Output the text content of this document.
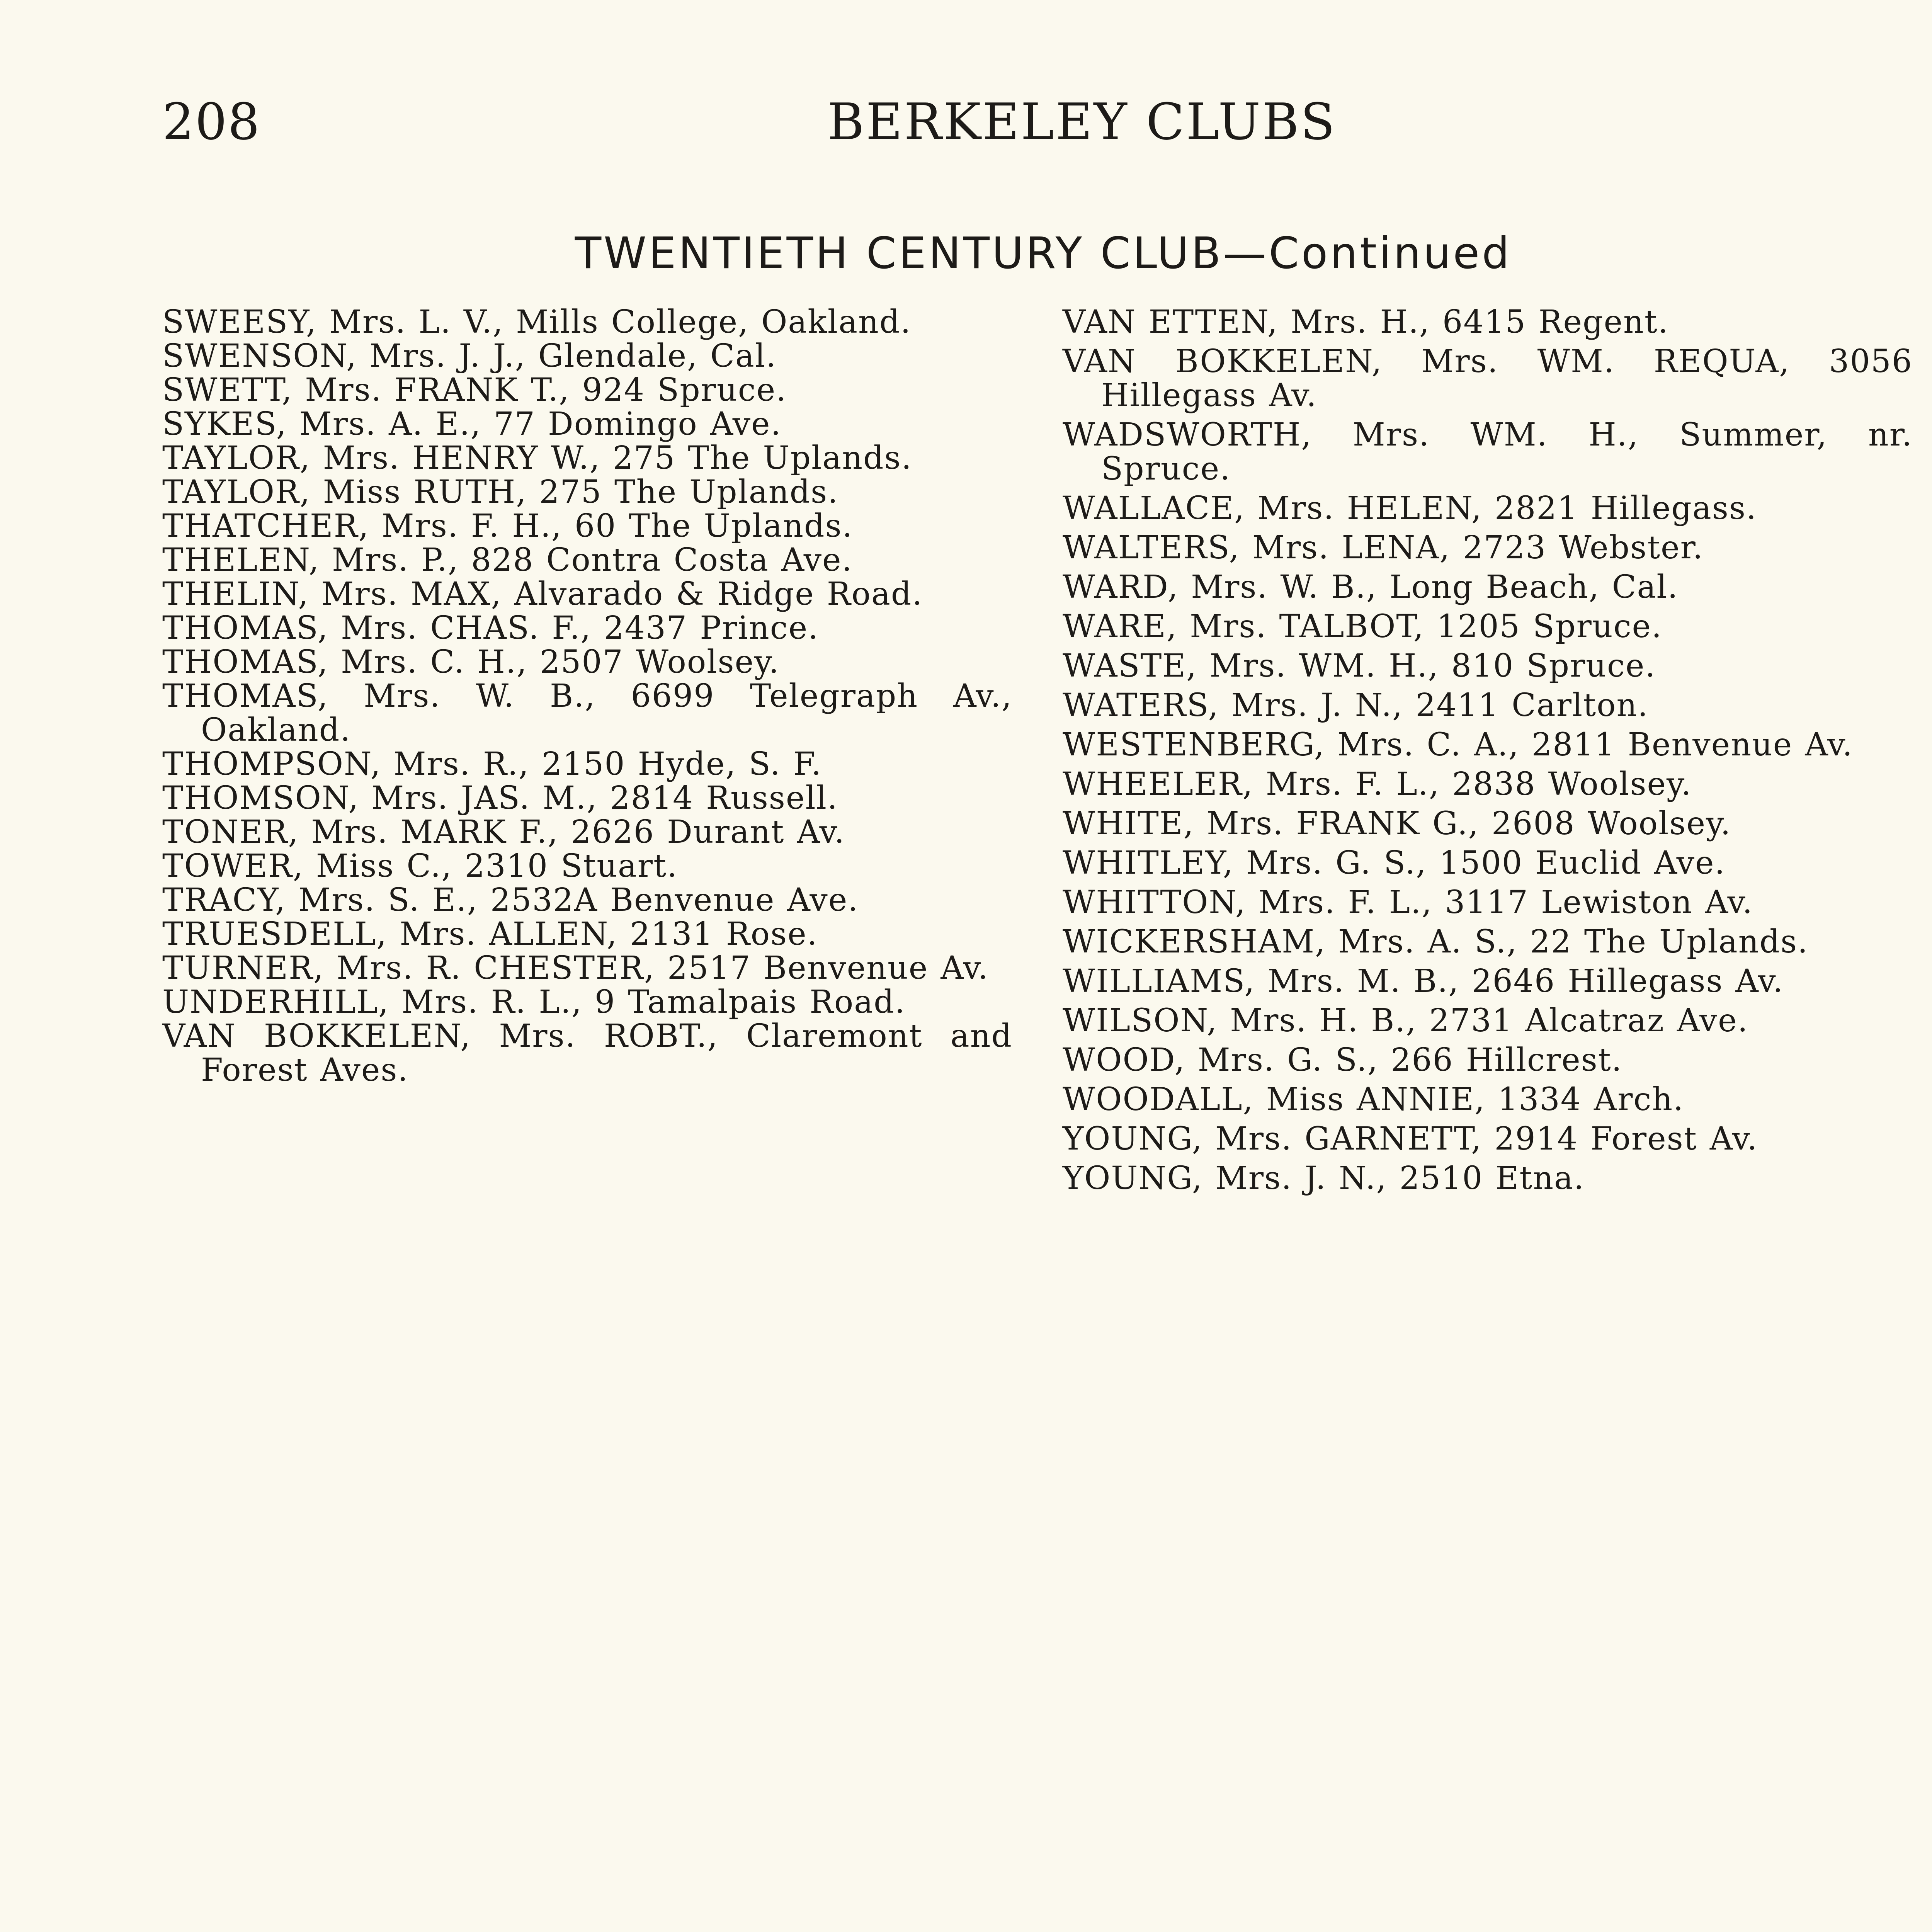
208	BERKELEY CLUBS
TWENTIETH CENTURY CLUB—Continued

SWEESY, Mrs. L. V., Mills College, Oakland.

SWENSON, Mrs. J. J., Glendale, Cal.

SWETT, Mrs. FRANK T., 924 Spruce.

SYKES, Mrs. A. E., 77 Domingo Ave.

TAYLOR, Mrs. HENRY W., 275 The Uplands.

TAYLOR, Miss RUTH, 275 The Uplands.

THATCHER, Mrs. F. H., 60 The Uplands.

THELEN, Mrs. P., 828 Contra Costa Ave.

THELIN, Mrs. MAX, Alvarado & Ridge Road.

THOMAS, Mrs. CHAS. F., 2437 Prince.

THOMAS, Mrs. C. H., 2507 Woolsey.

THOMAS, Mrs. W. B., 6699 Telegraph Av., Oakland.

THOMPSON, Mrs. R., 2150 Hyde, S. F.

THOMSON, Mrs. JAS. M., 2814 Russell.

TONER, Mrs. MARK F., 2626 Durant Av.

TOWER, Miss C., 2310 Stuart.

TRACY, Mrs. S. E., 2532A Benvenue Ave.

TRUESDELL, Mrs. ALLEN, 2131 Rose.

TURNER, Mrs. R. CHESTER, 2517 Benvenue Av.

UNDERHILL, Mrs. R. L., 9 Tamalpais Road.

VAN BOKKELEN, Mrs. ROBT., Claremont and Forest Aves.

VAN ETTEN, Mrs. H., 6415 Regent.

VAN BOKKELEN, Mrs. WM. REQUA, 3056 Hillegass Av.

WADSWORTH, Mrs. WM. H., Summer, nr. Spruce.

WALLACE, Mrs. HELEN, 2821 Hillegass.

WALTERS, Mrs. LENA, 2723 Webster.

WARD, Mrs. W. B., Long Beach, Cal.

WARE, Mrs. TALBOT, 1205 Spruce.

WASTE, Mrs. WM. H., 810 Spruce.

WATERS, Mrs. J. N., 2411 Carlton.

WESTENBERG, Mrs. C. A., 2811 Benvenue Av.

WHEELER, Mrs. F. L., 2838 Woolsey.

WHITE, Mrs. FRANK G., 2608 Woolsey.

WHITLEY, Mrs. G. S., 1500 Euclid Ave.

WHITTON, Mrs. F. L., 3117 Lewiston Av.

WICKERSHAM, Mrs. A. S., 22 The Uplands.

WILLIAMS, Mrs. M. B., 2646 Hillegass Av.

WILSON, Mrs. H. B., 2731 Alcatraz Ave.

WOOD, Mrs. G. S., 266 Hillcrest.

WOODALL, Miss ANNIE, 1334 Arch.

YOUNG, Mrs. GARNETT, 2914 Forest Av.

YOUNG, Mrs. J. N., 2510 Etna.
